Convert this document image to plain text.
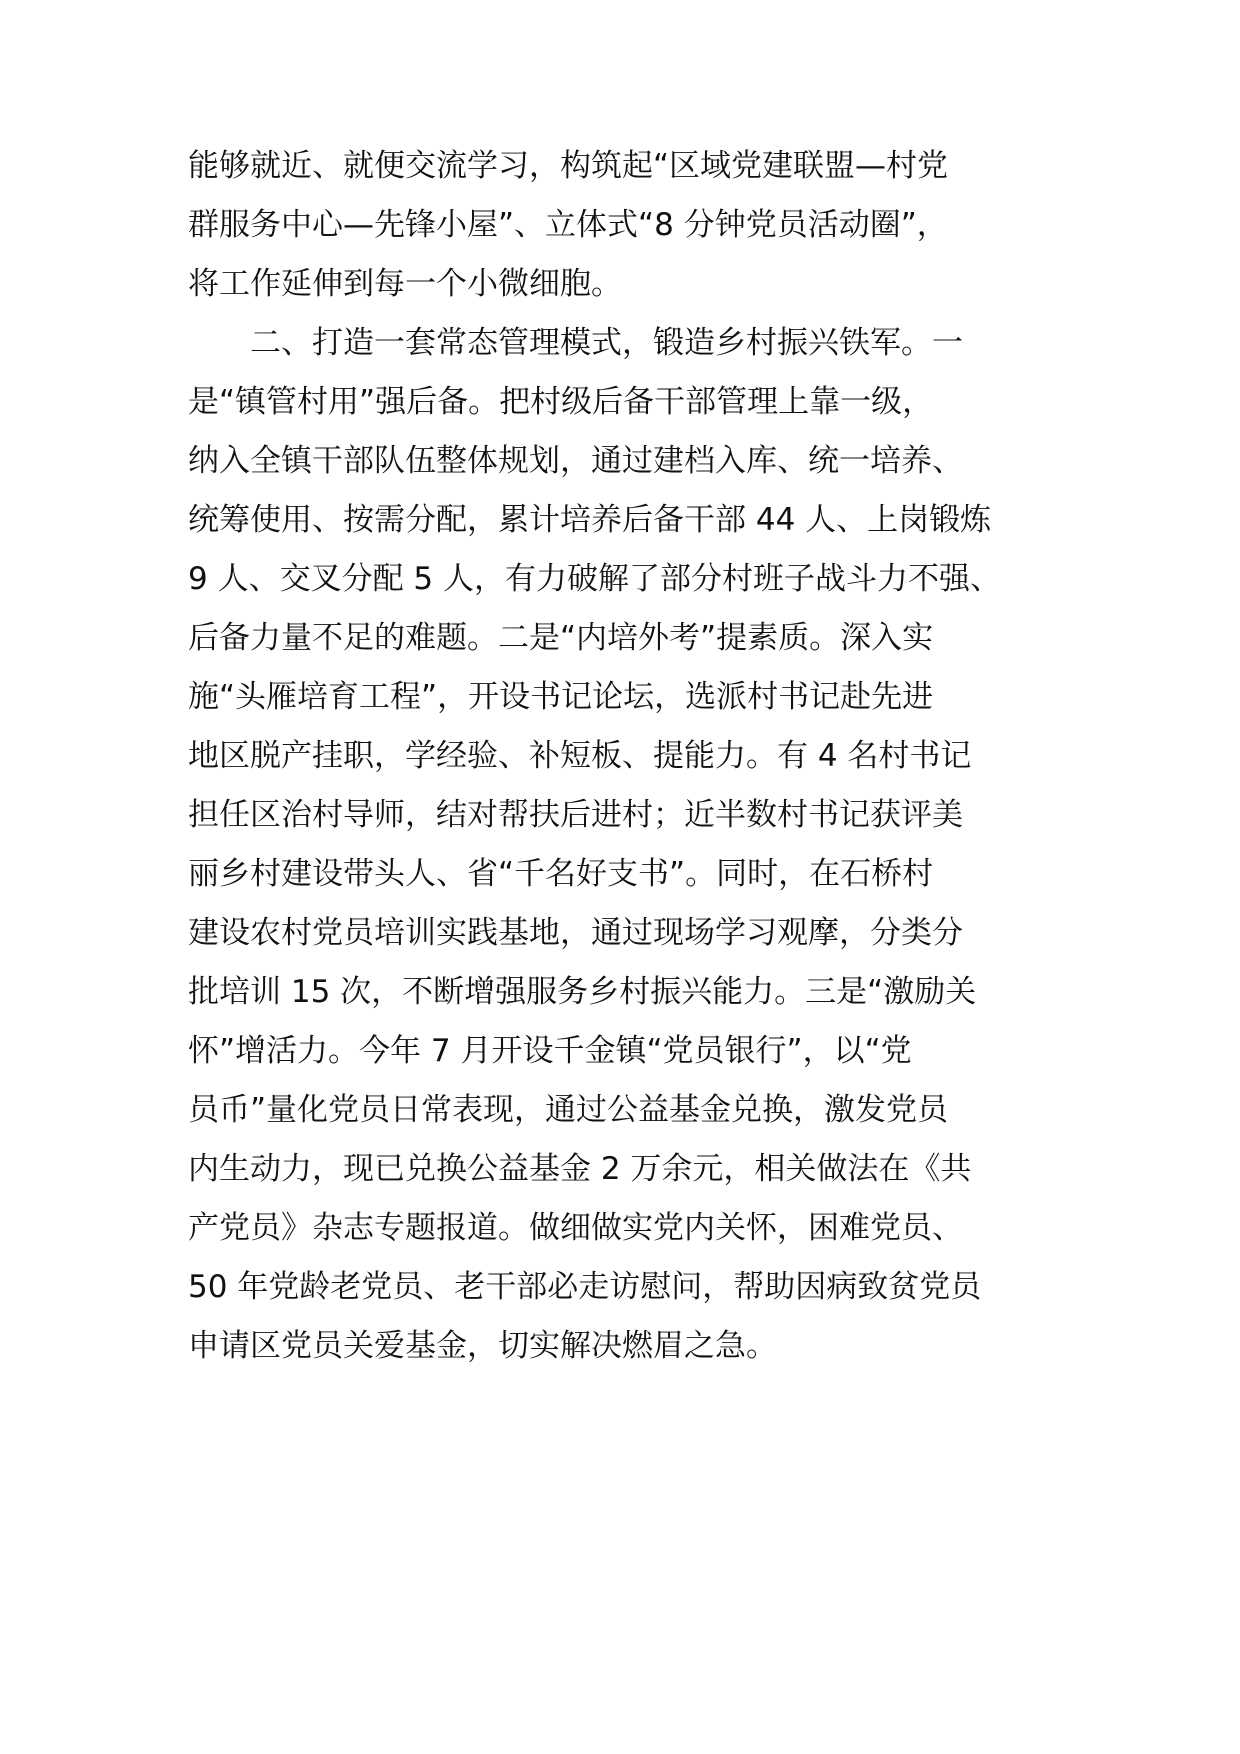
能够就近、就便交流学习，构筑起“区域党建联盟—村党
群服务中心—先锋小屋”、立体式“8 分钟党员活动圈”，
将工作延伸到每一个小微细胞。
二、打造一套常态管理模式，锻造乡村振兴铁军。一
是“镇管村用”强后备。把村级后备干部管理上靠一级，
纳入全镇干部队伍整体规划，通过建档入库、统一培养、
统筹使用、按需分配，累计培养后备干部 44 人、上岗锻炼
9 人、交叉分配 5 人，有力破解了部分村班子战斗力不强、
后备力量不足的难题。二是“内培外考”提素质。深入实
施“头雁培育工程”，开设书记论坛，选派村书记赴先进
地区脱产挂职，学经验、补短板、提能力。有 4 名村书记
担任区治村导师，结对帮扶后进村；近半数村书记获评美
丽乡村建设带头人、省“千名好支书”。同时，在石桥村
建设农村党员培训实践基地，通过现场学习观摩，分类分
批培训 15 次，不断增强服务乡村振兴能力。三是“激励关
怀”增活力。今年 7 月开设千金镇“党员银行”，以“党
员币”量化党员日常表现，通过公益基金兑换，激发党员
内生动力，现已兑换公益基金 2 万余元，相关做法在《共
产党员》杂志专题报道。做细做实党内关怀，困难党员、
50 年党龄老党员、老干部必走访慰问，帮助因病致贫党员
申请区党员关爱基金，切实解决燃眉之急。
